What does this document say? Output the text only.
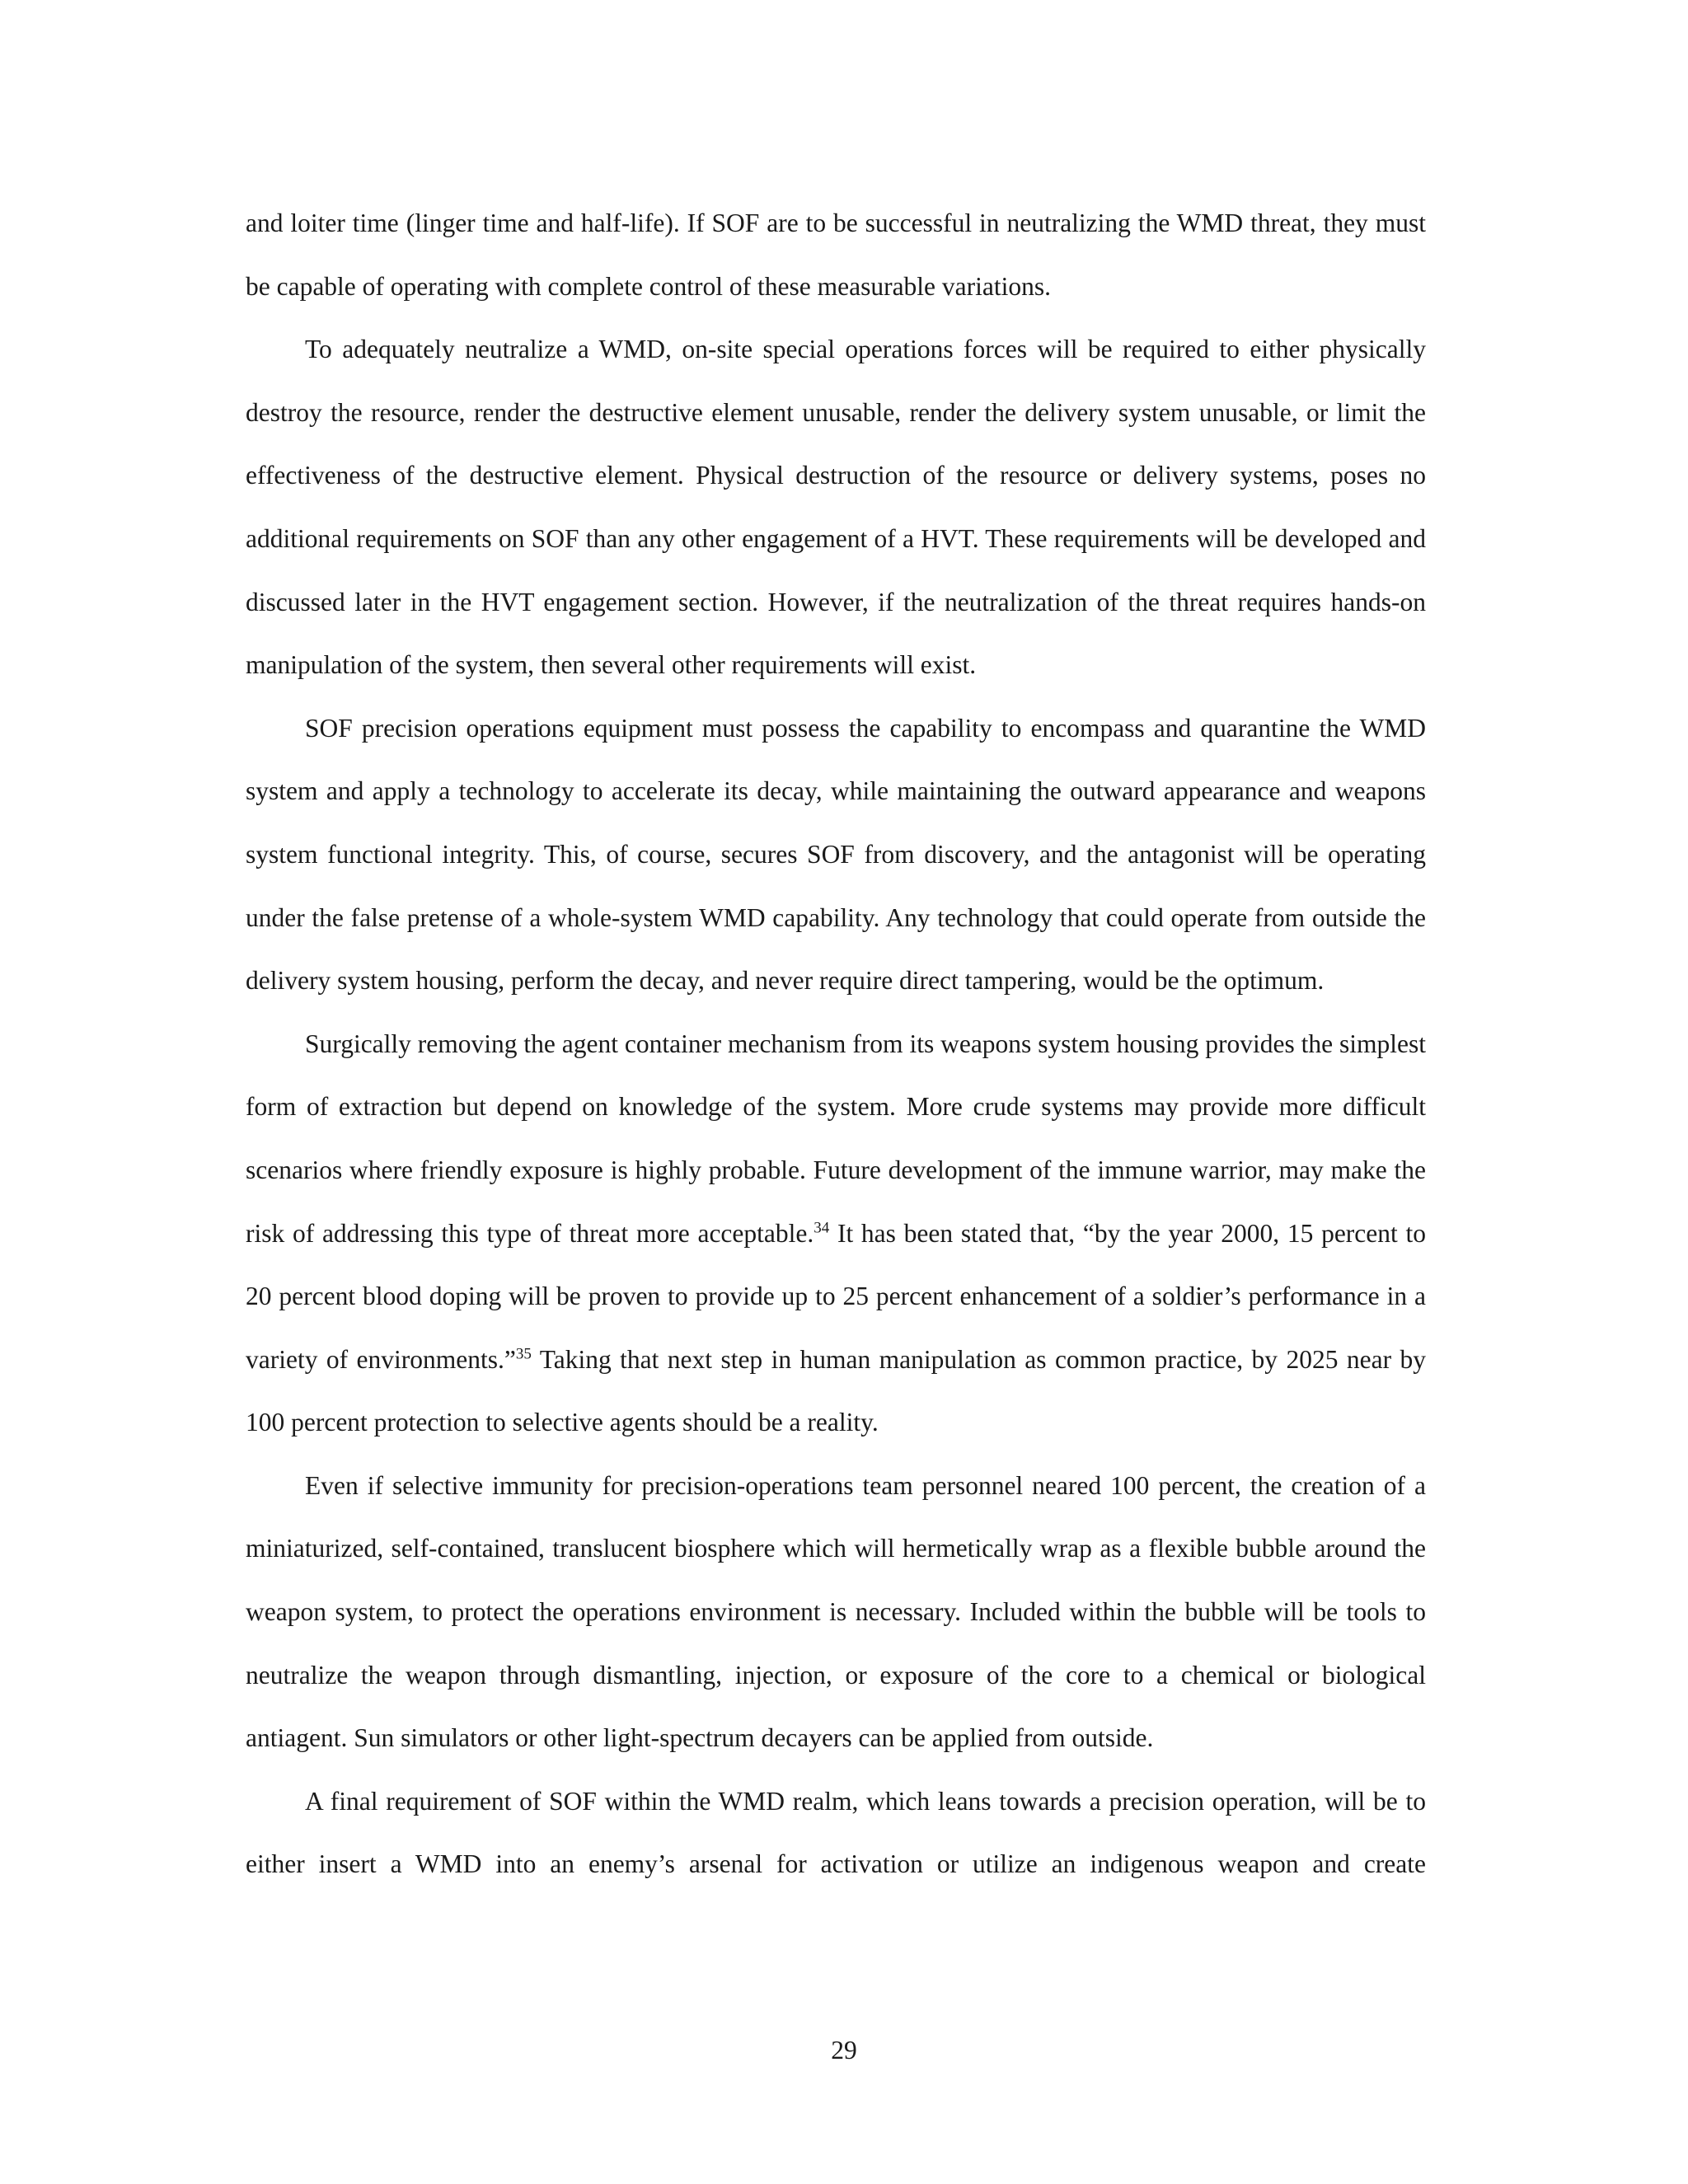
and loiter time (linger time and half-life). If SOF are to be successful in neutralizing the WMD threat, they must be capable of operating with complete control of these measurable variations.

To adequately neutralize a WMD, on-site special operations forces will be required to either physically destroy the resource, render the destructive element unusable, render the delivery system unusable, or limit the effectiveness of the destructive element. Physical destruction of the resource or delivery systems, poses no additional requirements on SOF than any other engagement of a HVT. These requirements will be developed and discussed later in the HVT engagement section. However, if the neutralization of the threat requires hands-on manipulation of the system, then several other requirements will exist.

SOF precision operations equipment must possess the capability to encompass and quarantine the WMD system and apply a technology to accelerate its decay, while maintaining the outward appearance and weapons system functional integrity. This, of course, secures SOF from discovery, and the antagonist will be operating under the false pretense of a whole-system WMD capability. Any technology that could operate from outside the delivery system housing, perform the decay, and never require direct tampering, would be the optimum.

Surgically removing the agent container mechanism from its weapons system housing provides the simplest form of extraction but depend on knowledge of the system. More crude systems may provide more difficult scenarios where friendly exposure is highly probable. Future development of the immune warrior, may make the risk of addressing this type of threat more acceptable.$^{34}$ It has been stated that, “by the year 2000, 15 percent to 20 percent blood doping will be proven to provide up to 25 percent enhancement of a soldier’s performance in a variety of environments.”$^{35}$ Taking that next step in human manipulation as common practice, by 2025 near by 100 percent protection to selective agents should be a reality.

Even if selective immunity for precision-operations team personnel neared 100 percent, the creation of a miniaturized, self-contained, translucent biosphere which will hermetically wrap as a flexible bubble around the weapon system, to protect the operations environment is necessary. Included within the bubble will be tools to neutralize the weapon through dismantling, injection, or exposure of the core to a chemical or biological antiagent. Sun simulators or other light-spectrum decayers can be applied from outside.

A final requirement of SOF within the WMD realm, which leans towards a precision operation, will be to either insert a WMD into an enemy’s arsenal for activation or utilize an indigenous weapon and create

29
